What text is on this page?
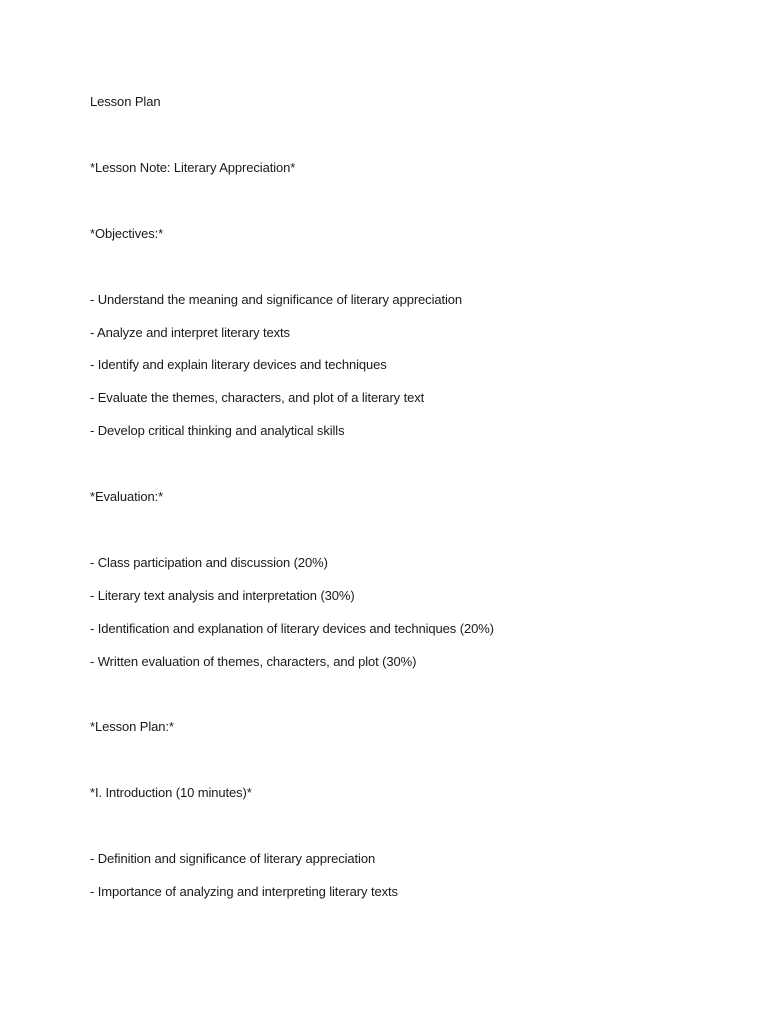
Lesson Plan
*Lesson Note: Literary Appreciation*
*Objectives:*
- Understand the meaning and significance of literary appreciation
- Analyze and interpret literary texts
- Identify and explain literary devices and techniques
- Evaluate the themes, characters, and plot of a literary text
- Develop critical thinking and analytical skills
*Evaluation:*
- Class participation and discussion (20%)
- Literary text analysis and interpretation (30%)
- Identification and explanation of literary devices and techniques (20%)
- Written evaluation of themes, characters, and plot (30%)
*Lesson Plan:*
*I. Introduction (10 minutes)*
- Definition and significance of literary appreciation
- Importance of analyzing and interpreting literary texts
